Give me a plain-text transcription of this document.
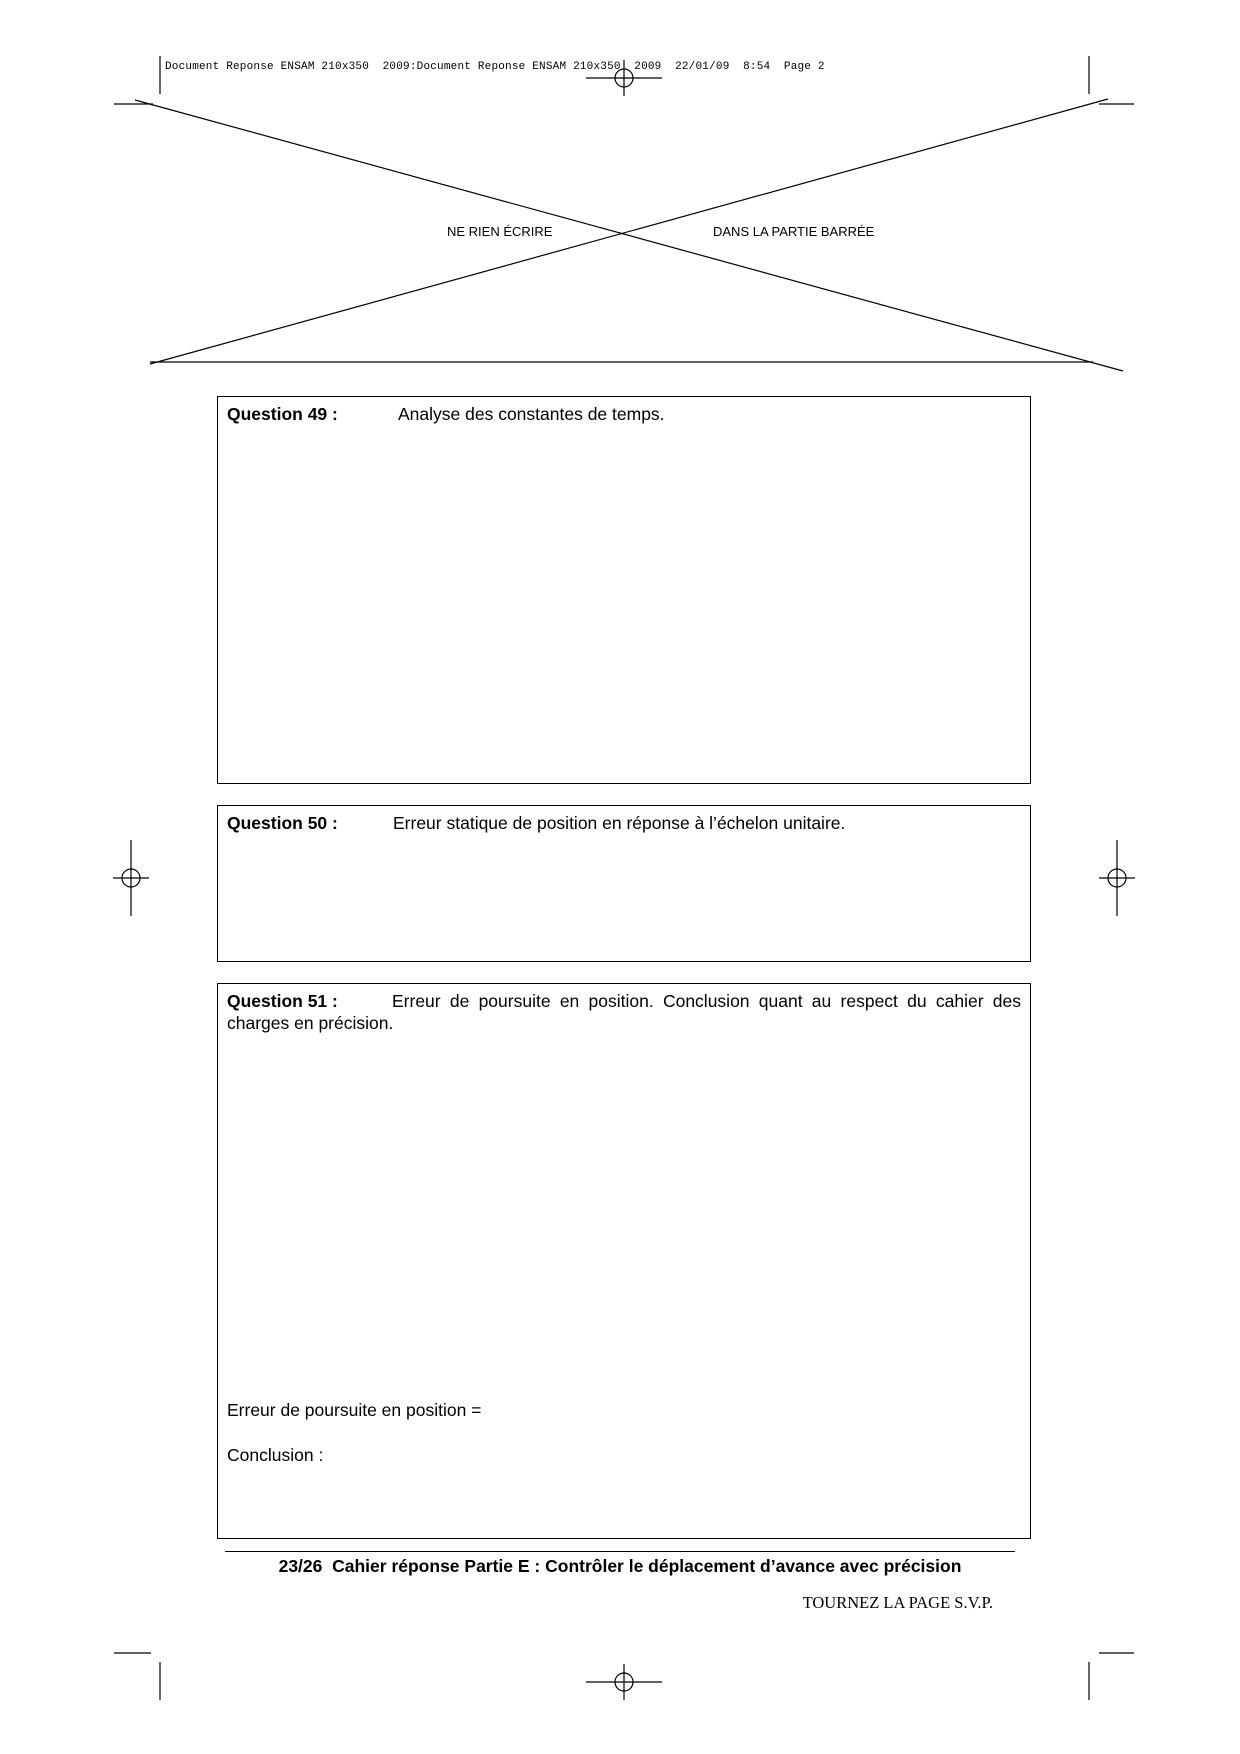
Document Reponse ENSAM 210x350  2009:Document Reponse ENSAM 210x350  2009  22/01/09  8:54  Page 2
NE RIEN ÉCRIRE	DANS LA PARTIE BARRÉE
Question 49 :	Analyse des constantes de temps.
Question 50 :	Erreur statique de position en réponse à l’échelon unitaire.
Question 51 :	Erreur de poursuite en position. Conclusion quant au respect du cahier des charges en précision.
Erreur de poursuite en position =
Conclusion :
23/26 Cahier réponse Partie E : Contrôler le déplacement d’avance avec précision
TOURNEZ LA PAGE S.V.P.
